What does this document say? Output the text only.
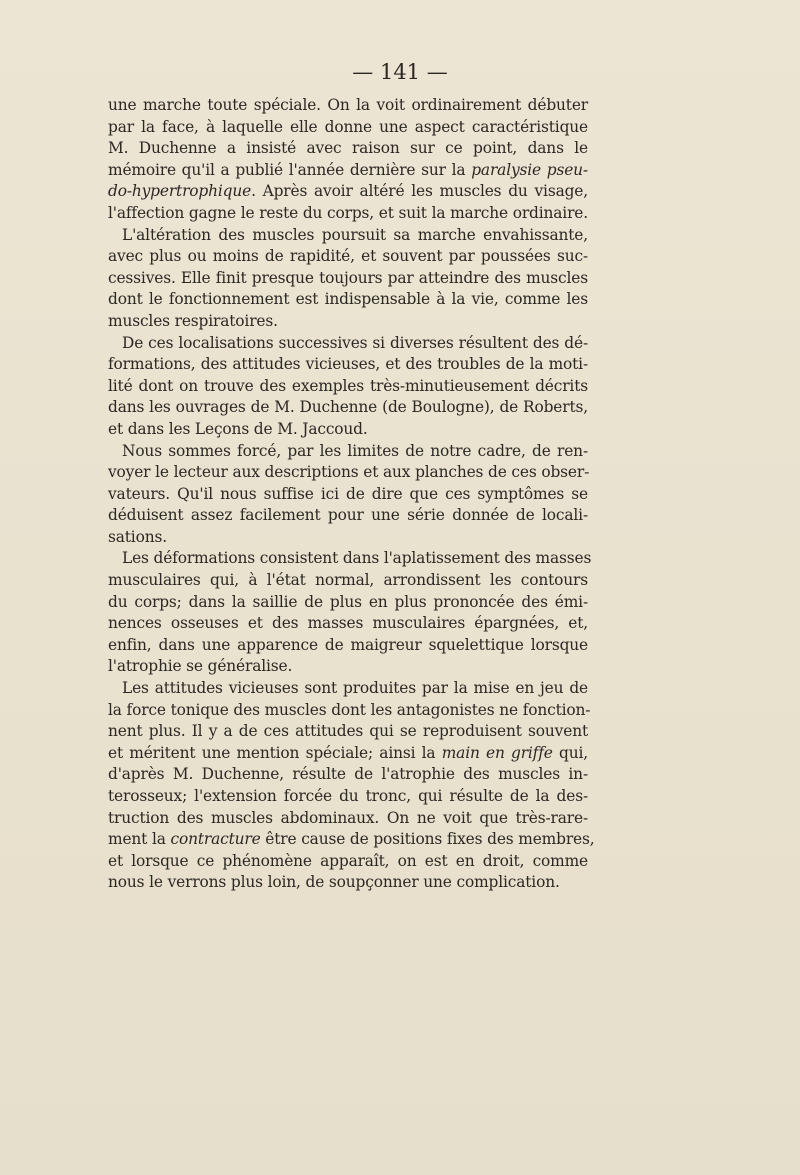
— 141 —
une marche toute spéciale. On la voit ordinairement débuter
par la face, à laquelle elle donne une aspect caractéristique
M. Duchenne a insisté avec raison sur ce point, dans le
mémoire qu'il a publié l'année dernière sur la paralysie pseu-
do-hypertrophique. Après avoir altéré les muscles du visage,
l'affection gagne le reste du corps, et suit la marche ordinaire.
L'altération des muscles poursuit sa marche envahissante,
avec plus ou moins de rapidité, et souvent par poussées suc-
cessives. Elle finit presque toujours par atteindre des muscles
dont le fonctionnement est indispensable à la vie, comme les
muscles respiratoires.
De ces localisations successives si diverses résultent des dé-
formations, des attitudes vicieuses, et des troubles de la moti-
lité dont on trouve des exemples très-minutieusement décrits
dans les ouvrages de M. Duchenne (de Boulogne), de Roberts,
et dans les Leçons de M. Jaccoud.
Nous sommes forcé, par les limites de notre cadre, de ren-
voyer le lecteur aux descriptions et aux planches de ces obser-
vateurs. Qu'il nous suffise ici de dire que ces symptômes se
déduisent assez facilement pour une série donnée de locali-
sations.
Les déformations consistent dans l'aplatissement des masses
musculaires qui, à l'état normal, arrondissent les contours
du corps; dans la saillie de plus en plus prononcée des émi-
nences osseuses et des masses musculaires épargnées, et,
enfin, dans une apparence de maigreur squelettique lorsque
l'atrophie se généralise.
Les attitudes vicieuses sont produites par la mise en jeu de
la force tonique des muscles dont les antagonistes ne fonction-
nent plus. Il y a de ces attitudes qui se reproduisent souvent
et méritent une mention spéciale; ainsi la main en griffe qui,
d'après M. Duchenne, résulte de l'atrophie des muscles in-
terosseux; l'extension forcée du tronc, qui résulte de la des-
truction des muscles abdominaux. On ne voit que très-rare-
ment la contracture être cause de positions fixes des membres,
et lorsque ce phénomène apparaît, on est en droit, comme
nous le verrons plus loin, de soupçonner une complication.
